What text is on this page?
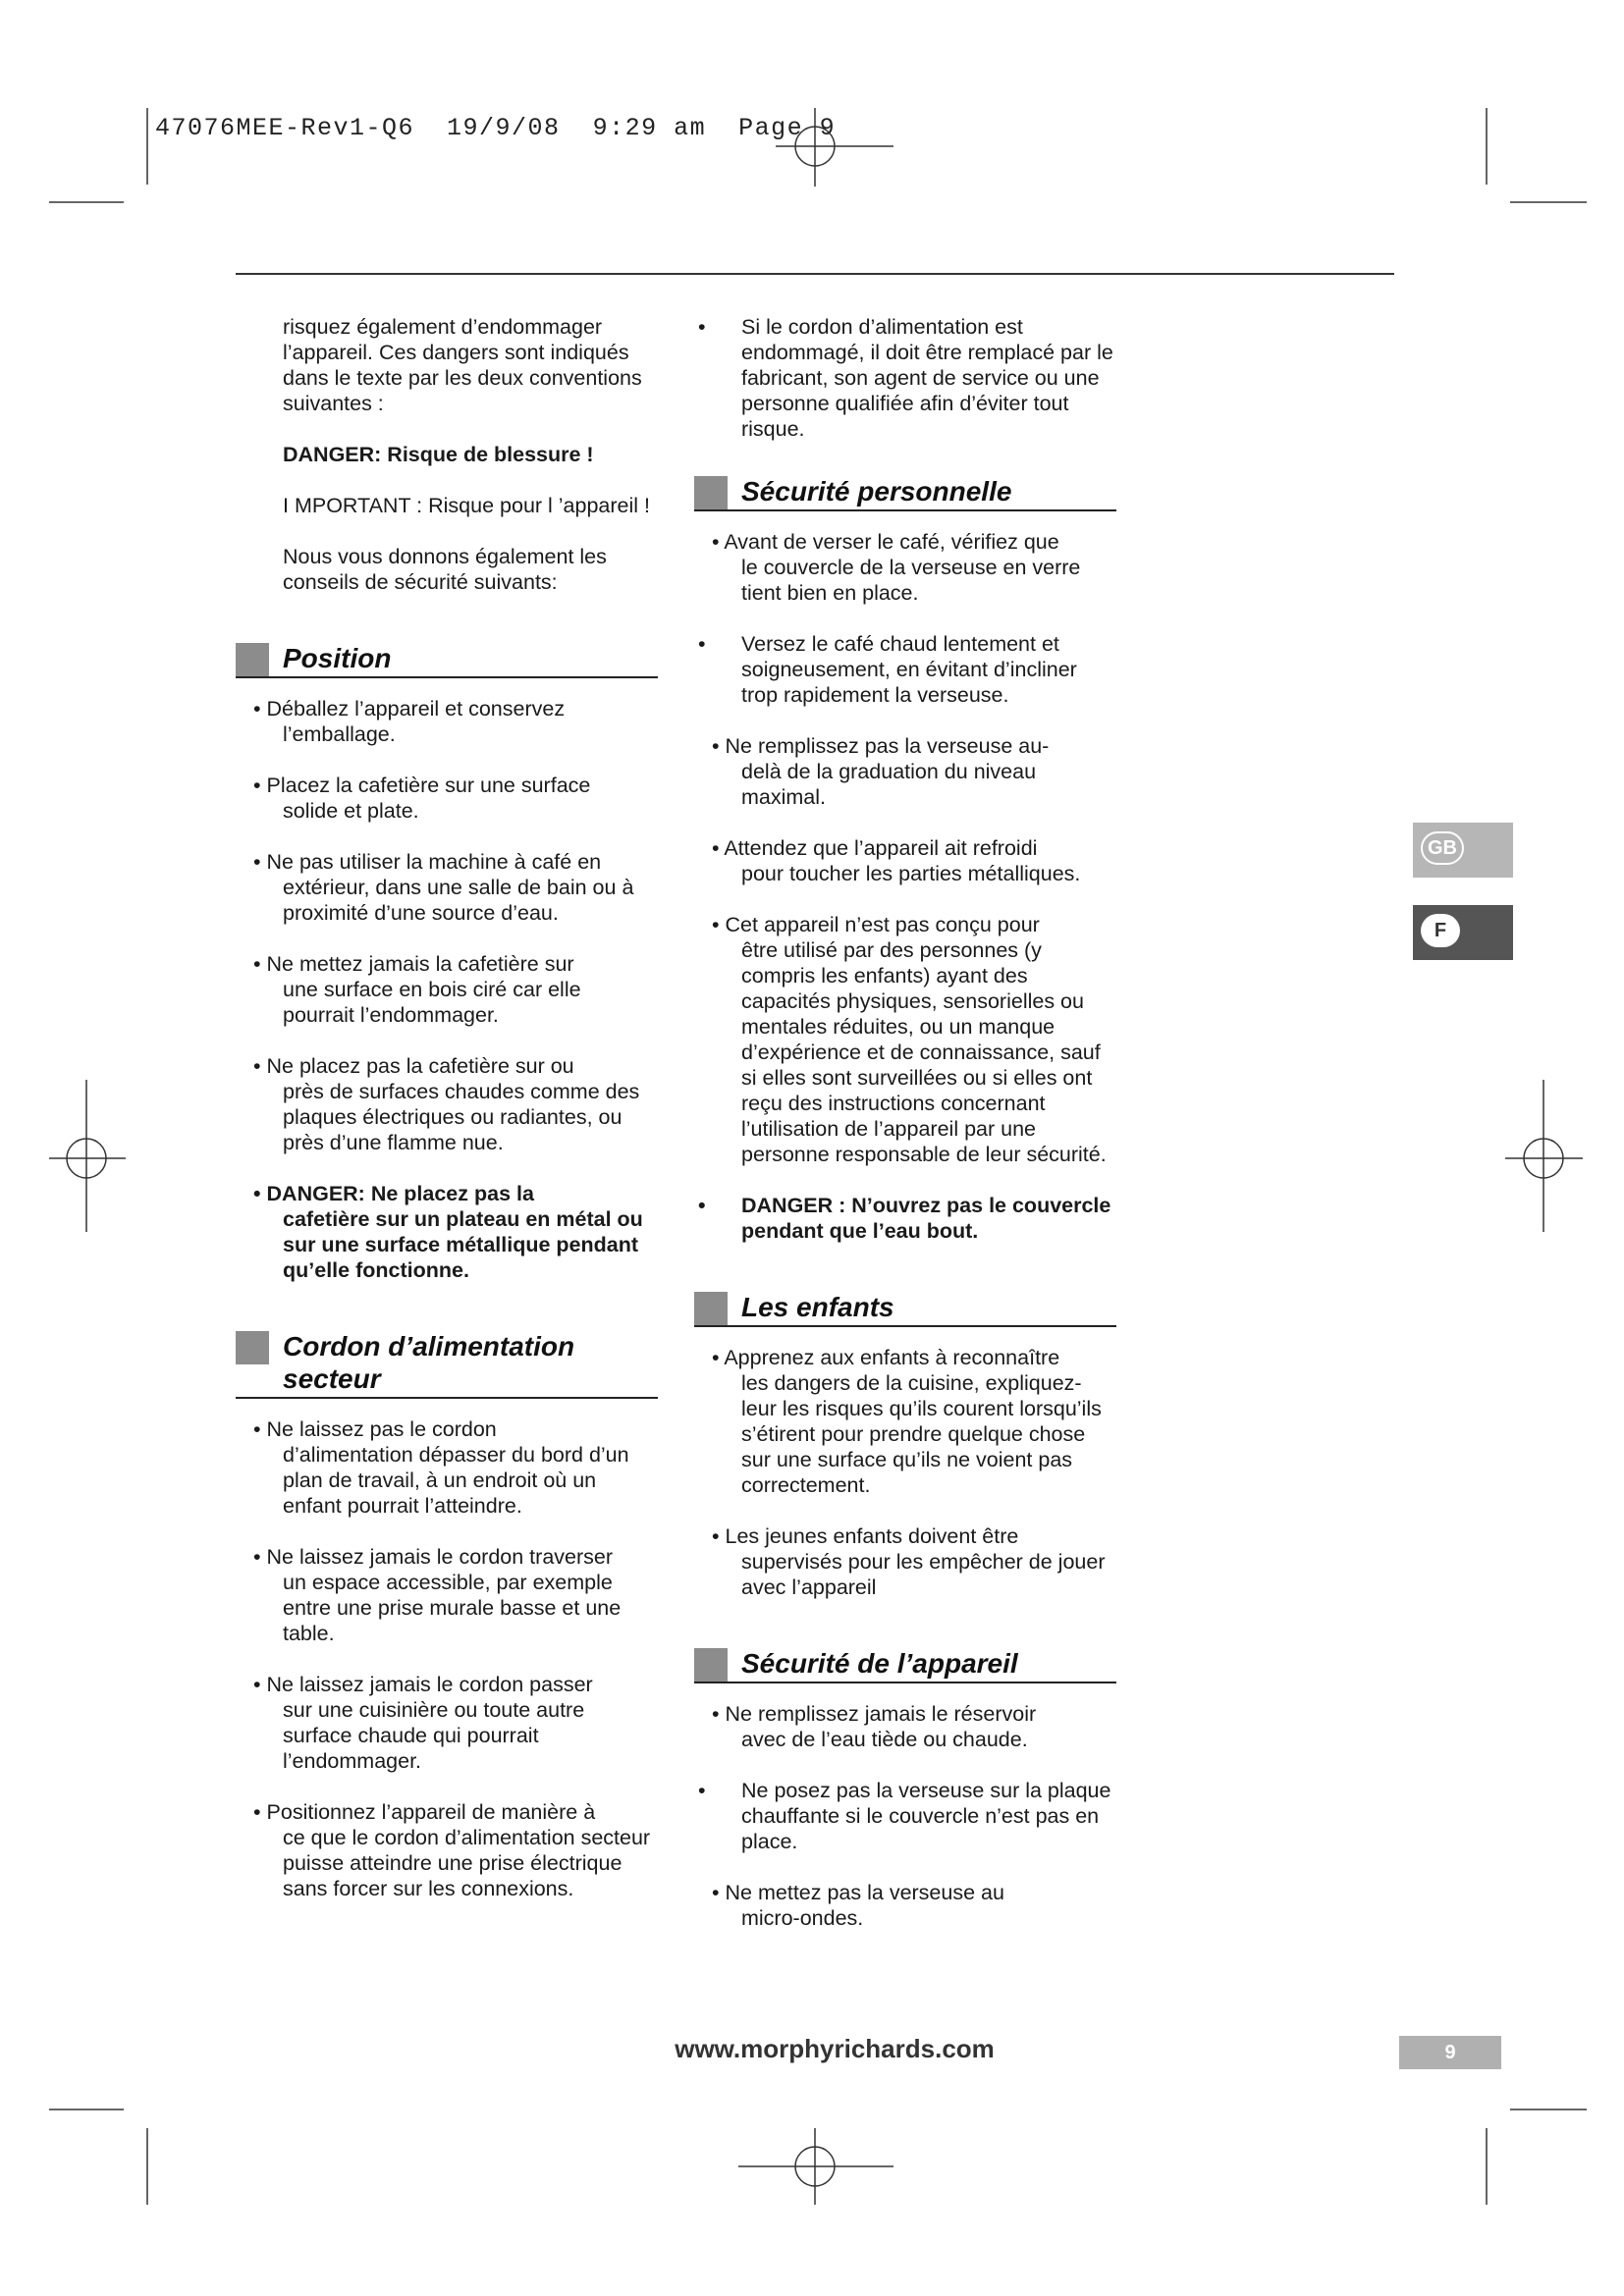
47076MEE-Rev1-Q6  19/9/08  9:29 am  Page 9

risquez également d’endommager l’appareil. Ces dangers sont indiqués dans le texte par les deux conventions suivantes :

DANGER: Risque de blessure !

I MPORTANT : Risque pour l ’appareil !

Nous vous donnons également les conseils de sécurité suivants:

Position
• Déballez l’appareil et conservez
l’emballage.
• Placez la cafetière sur une surface
solide et plate.
• Ne pas utiliser la machine à café en
extérieur, dans une salle de bain ou à proximité d’une source d’eau.
• Ne mettez jamais la cafetière sur
une surface en bois ciré car elle pourrait l’endommager.
• Ne placez pas la cafetière sur ou
près de surfaces chaudes comme des plaques électriques ou radiantes, ou près d’une flamme nue.
• DANGER: Ne placez pas la
cafetière sur un plateau en métal ou sur une surface métallique pendant qu’elle fonctionne.
Cordon d’alimentation
secteur
• Ne laissez pas le cordon
d’alimentation dépasser du bord d’un plan de travail, à un endroit où un enfant pourrait l’atteindre.
• Ne laissez jamais le cordon traverser
un espace accessible, par exemple entre une prise murale basse et une table.
• Ne laissez jamais le cordon passer
sur une cuisinière ou toute autre surface chaude qui pourrait l’endommager.
• Positionnez l’appareil de manière à
ce que le cordon d’alimentation secteur puisse atteindre une prise électrique sans forcer sur les connexions.
•	Si le cordon d’alimentation est endommagé, il doit être remplacé par le fabricant, son agent de service ou une personne qualifiée afin d’éviter tout risque.
Sécurité personnelle
• Avant de verser le café, vérifiez que
le couvercle de la verseuse en verre tient bien en place.
•	Versez le café chaud lentement et soigneusement, en évitant d’incliner trop rapidement la verseuse.
• Ne remplissez pas la verseuse au-
delà de la graduation du niveau maximal.
• Attendez que l’appareil ait refroidi
pour toucher les parties métalliques.
• Cet appareil n’est pas conçu pour
être utilisé par des personnes (y compris les enfants) ayant des capacités physiques, sensorielles ou mentales réduites, ou un manque d’expérience et de connaissance, sauf si elles sont surveillées ou si elles ont reçu des instructions concernant l’utilisation de l’appareil par une personne responsable de leur sécurité.
•	DANGER : N’ouvrez pas le couvercle pendant que l’eau bout.
Les enfants
• Apprenez aux enfants à reconnaître
les dangers de la cuisine, expliquez-leur les risques qu’ils courent lorsqu’ils s’étirent pour prendre quelque chose sur une surface qu’ils ne voient pas correctement.
• Les jeunes enfants doivent être
supervisés pour les empêcher de jouer avec l’appareil
Sécurité de l’appareil
• Ne remplissez jamais le réservoir
avec de l’eau tiède ou chaude.
•	Ne posez pas la verseuse sur la plaque chauffante si le couvercle n’est pas en place.
• Ne mettez pas la verseuse au
micro-ondes.
GB
F
www.morphyrichards.com	9
